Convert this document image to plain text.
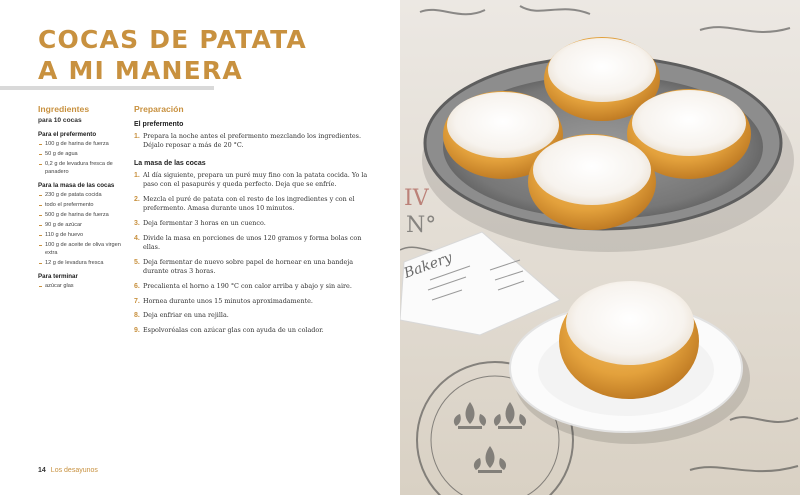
COCAS DE PATATA
A MI MANERA
Ingredientes
para 10 cocas
Para el prefermento
100 g de harina de fuerza
50 g de agua
0,2 g de levadura fresca de panadero
Para la masa de las cocas
230 g de patata cocida
todo el prefermento
500 g de harina de fuerza
90 g de azúcar
110 g de huevo
100 g de aceite de oliva virgen extra
12 g de levadura fresca
Para terminar
azúcar glas
Preparación
El prefermento
1. Prepara la noche antes el prefermento mezclando los ingredientes. Déjalo reposar a más de 20 °C.
La masa de las cocas
1. Al día siguiente, prepara un puré muy fino con la patata cocida. Yo la paso con el pasapurés y queda perfecto. Deja que se enfríe.
2. Mezcla el puré de patata con el resto de los ingredientes y con el prefermento. Amasa durante unos 10 minutos.
3. Deja fermentar 3 horas en un cuenco.
4. Divide la masa en porciones de unos 120 gramos y forma bolas con ellas.
5. Deja fermentar de nuevo sobre papel de hornear en una bandeja durante otras 3 horas.
6. Precalienta el horno a 190 °C con calor arriba y abajo y sin aire.
7. Hornea durante unos 15 minutos aproximadamente.
8. Deja enfriar en una rejilla.
9. Espolvoréalas con azúcar glas con ayuda de un colador.
14 Los desayunos
N°
IV
Bakery
